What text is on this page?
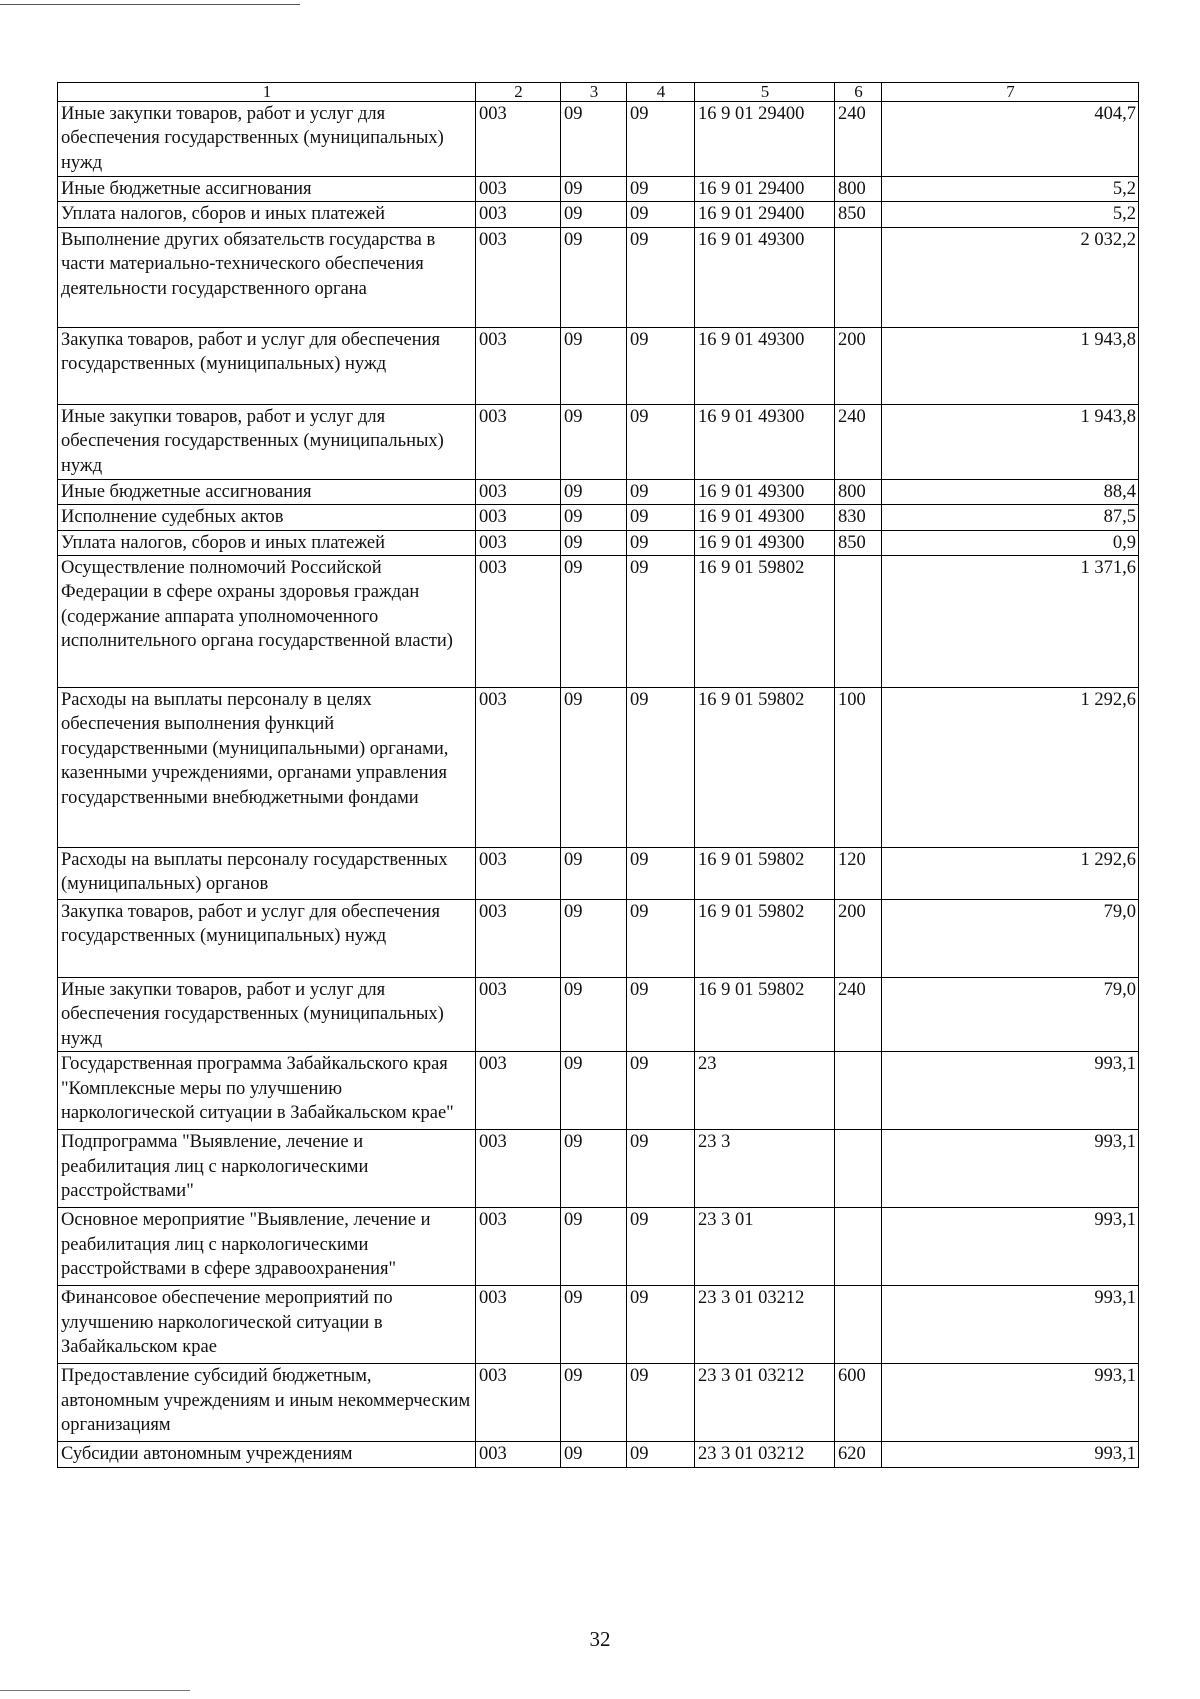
1	2	3	4	5	6	7
Иные закупки товаров, работ и услуг для обеспечения государственных (муниципальных) нужд	003	09	09	16 9 01 29400	240	404,7
Иные бюджетные ассигнования	003	09	09	16 9 01 29400	800	5,2
Уплата налогов, сборов и иных платежей	003	09	09	16 9 01 29400	850	5,2
Выполнение других обязательств государства в части материально-технического обеспечения деятельности государственного органа	003	09	09	16 9 01 49300		2 032,2
Закупка товаров, работ и услуг для обеспечения государственных (муниципальных) нужд	003	09	09	16 9 01 49300	200	1 943,8
Иные закупки товаров, работ и услуг для обеспечения государственных (муниципальных) нужд	003	09	09	16 9 01 49300	240	1 943,8
Иные бюджетные ассигнования	003	09	09	16 9 01 49300	800	88,4
Исполнение судебных актов	003	09	09	16 9 01 49300	830	87,5
Уплата налогов, сборов и иных платежей	003	09	09	16 9 01 49300	850	0,9
Осуществление полномочий Российской Федерации в сфере охраны здоровья граждан (содержание аппарата уполномоченного исполнительного органа государственной власти)	003	09	09	16 9 01 59802		1 371,6
Расходы на выплаты персоналу в целях обеспечения выполнения функций государственными (муниципальными) органами, казенными учреждениями, органами управления государственными внебюджетными фондами	003	09	09	16 9 01 59802	100	1 292,6
Расходы на выплаты персоналу государственных (муниципальных) органов	003	09	09	16 9 01 59802	120	1 292,6
Закупка товаров, работ и услуг для обеспечения государственных (муниципальных) нужд	003	09	09	16 9 01 59802	200	79,0
Иные закупки товаров, работ и услуг для обеспечения государственных (муниципальных) нужд	003	09	09	16 9 01 59802	240	79,0
Государственная программа Забайкальского края "Комплексные меры по улучшению наркологической ситуации в Забайкальском крае"	003	09	09	23		993,1
Подпрограмма "Выявление, лечение и реабилитация лиц с наркологическими расстройствами"	003	09	09	23 3		993,1
Основное мероприятие "Выявление, лечение и реабилитация лиц с наркологическими расстройствами в сфере здравоохранения"	003	09	09	23 3 01		993,1
Финансовое обеспечение мероприятий по улучшению наркологической ситуации в Забайкальском крае	003	09	09	23 3 01 03212		993,1
Предоставление субсидий бюджетным, автономным учреждениям и иным некоммерческим организациям	003	09	09	23 3 01 03212	600	993,1
Субсидии автономным учреждениям	003	09	09	23 3 01 03212	620	993,1
32
